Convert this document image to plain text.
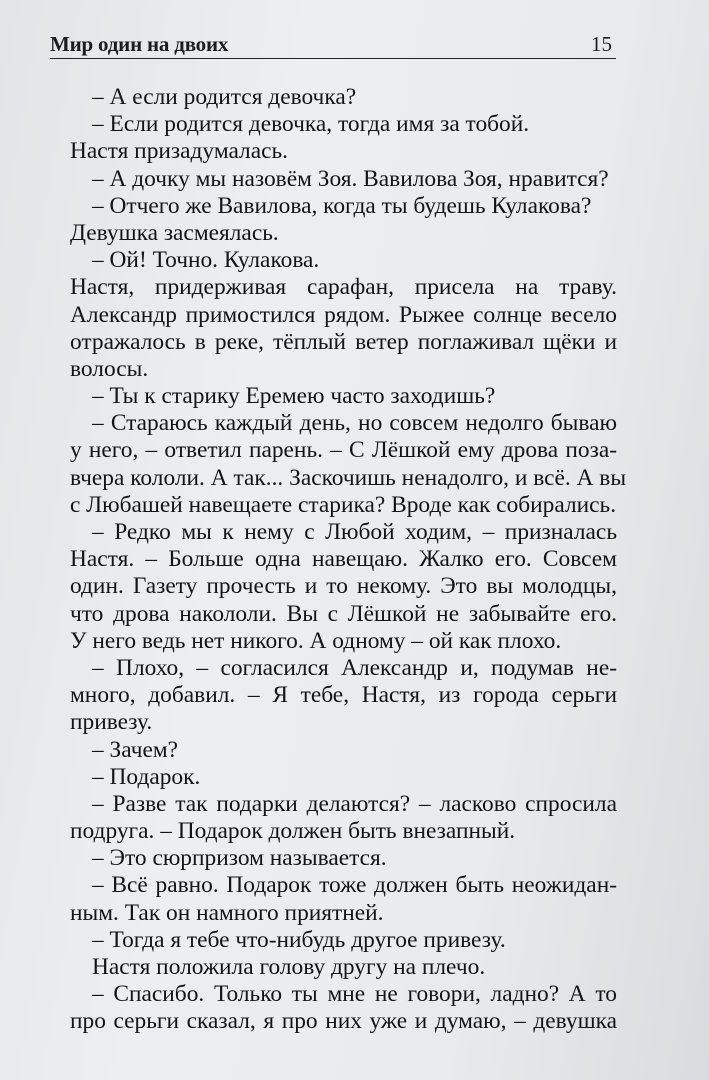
Мир один на двоих	15
– А если родится девочка?
– Если родится девочка, тогда имя за тобой.
Настя призадумалась.
– А дочку мы назовём Зоя. Вавилова Зоя, нравится?
– Отчего же Вавилова, когда ты будешь Кулакова?
Девушка засмеялась.
– Ой! Точно. Кулакова.
Настя, придерживая сарафан, присела на траву.
Александр примостился рядом. Рыжее солнце весело
отражалось в реке, тёплый ветер поглаживал щёки и
волосы.
– Ты к старику Еремею часто заходишь?
– Стараюсь каждый день, но совсем недолго бываю
у него, – ответил парень. – С Лёшкой ему дрова поза-
вчера кололи. А так... Заскочишь ненадолго, и всё. А вы
с Любашей навещаете старика? Вроде как собирались.
– Редко мы к нему с Любой ходим, – призналась
Настя. – Больше одна навещаю. Жалко его. Совсем
один. Газету прочесть и то некому. Это вы молодцы,
что дрова накололи. Вы с Лёшкой не забывайте его.
У него ведь нет никого. А одному – ой как плохо.
– Плохо, – согласился Александр и, подумав не-
много, добавил. – Я тебе, Настя, из города серьги
привезу.
– Зачем?
– Подарок.
– Разве так подарки делаются? – ласково спросила
подруга. – Подарок должен быть внезапный.
– Это сюрпризом называется.
– Всё равно. Подарок тоже должен быть неожидан-
ным. Так он намного приятней.
– Тогда я тебе что-нибудь другое привезу.
Настя положила голову другу на плечо.
– Спасибо. Только ты мне не говори, ладно? А то
про серьги сказал, я про них уже и думаю, – девушка
